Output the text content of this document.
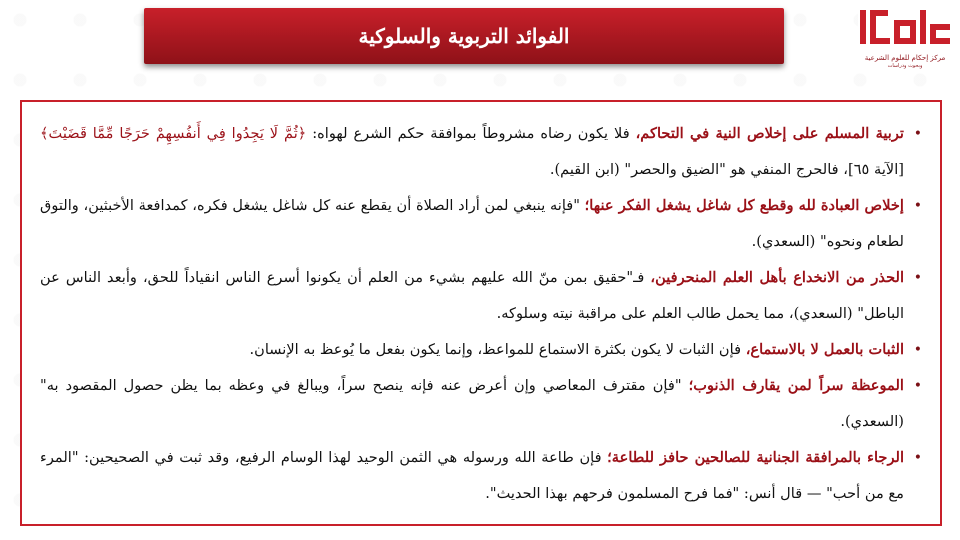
الفوائد التربوية والسلوكية
مركز إحكام للعلوم الشرعية
وبحوث ودراسات
•
تربية المسلم على إخلاص النية في التحاكم، فلا يكون رضاه مشروطاً بموافقة حكم الشرع لهواه: ﴿ثُمَّ لَا يَجِدُوا فِي أَنفُسِهِمْ حَرَجًا مِّمَّا قَضَيْتَ﴾ [الآية ٦٥]، فالحرج المنفي هو "الضيق والحصر" (ابن القيم).
•
إخلاص العبادة لله وقطع كل شاغل يشغل الفكر عنها؛ "فإنه ينبغي لمن أراد الصلاة أن يقطع عنه كل شاغل يشغل فكره، كمدافعة الأخبثين، والتوق لطعام ونحوه" (السعدي).
•
الحذر من الانخداع بأهل العلم المنحرفين، فـ"حقيق بمن منّ الله عليهم بشيء من العلم أن يكونوا أسرع الناس انقياداً للحق، وأبعد الناس عن الباطل" (السعدي)، مما يحمل طالب العلم على مراقبة نيته وسلوكه.
•
الثبات بالعمل لا بالاستماع، فإن الثبات لا يكون بكثرة الاستماع للمواعظ، وإنما يكون بفعل ما يُوعظ به الإنسان.
•
الموعظة سراً لمن يقارف الذنوب؛ "فإن مقترف المعاصي وإن أعرض عنه فإنه ينصح سراً، ويبالغ في وعظه بما يظن حصول المقصود به" (السعدي).
•
الرجاء بالمرافقة الجنانية للصالحين حافز للطاعة؛ فإن طاعة الله ورسوله هي الثمن الوحيد لهذا الوسام الرفيع، وقد ثبت في الصحيحين: "المرء مع من أحب" — قال أنس: "فما فرح المسلمون فرحهم بهذا الحديث".
